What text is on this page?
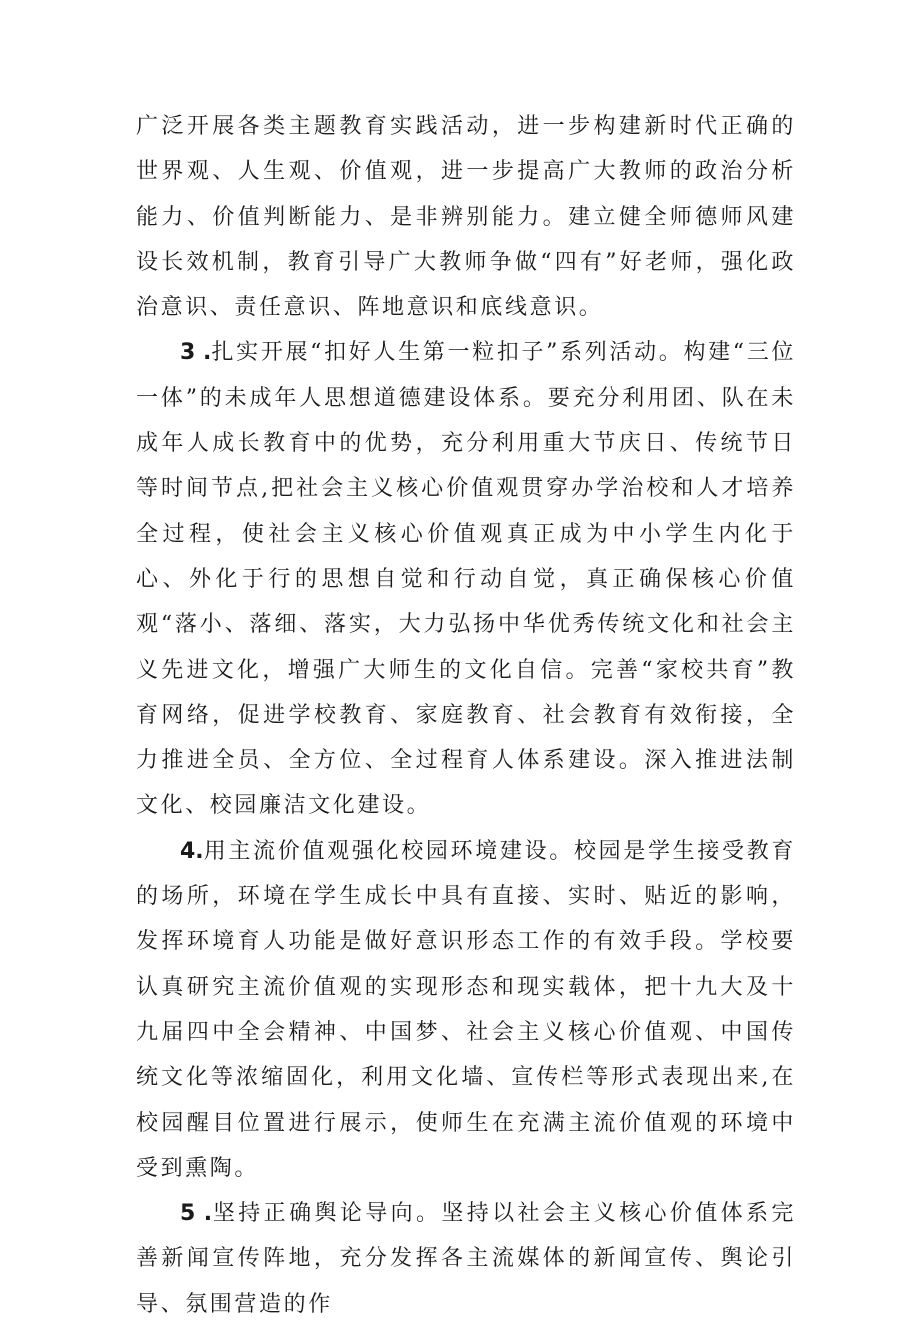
广泛开展各类主题教育实践活动，进一步构建新时代正确的世界观、人生观、价值观，进一步提高广大教师的政治分析能力、价值判断能力、是非辨别能力。建立健全师德师风建设长效机制，教育引导广大教师争做“四有”好老师，强化政治意识、责任意识、阵地意识和底线意识。

3 .扎实开展“扣好人生第一粒扣子”系列活动。构建“三位一体”的未成年人思想道德建设体系。要充分利用团、队在未成年人成长教育中的优势，充分利用重大节庆日、传统节日等时间节点,把社会主义核心价值观贯穿办学治校和人才培养全过程，使社会主义核心价值观真正成为中小学生内化于心、外化于行的思想自觉和行动自觉，真正确保核心价值观“落小、落细、落实，大力弘扬中华优秀传统文化和社会主义先进文化，增强广大师生的文化自信。完善“家校共育”教育网络，促进学校教育、家庭教育、社会教育有效衔接，全力推进全员、全方位、全过程育人体系建设。深入推进法制文化、校园廉洁文化建设。

4.用主流价值观强化校园环境建设。校园是学生接受教育的场所，环境在学生成长中具有直接、实时、贴近的影响，发挥环境育人功能是做好意识形态工作的有效手段。学校要认真研究主流价值观的实现形态和现实载体，把十九大及十九届四中全会精神、中国梦、社会主义核心价值观、中国传统文化等浓缩固化，利用文化墙、宣传栏等形式表现出来,在校园醒目位置进行展示，使师生在充满主流价值观的环境中受到熏陶。

5 .坚持正确舆论导向。坚持以社会主义核心价值体系完善新闻宣传阵地，充分发挥各主流媒体的新闻宣传、舆论引导、氛围营造的作
